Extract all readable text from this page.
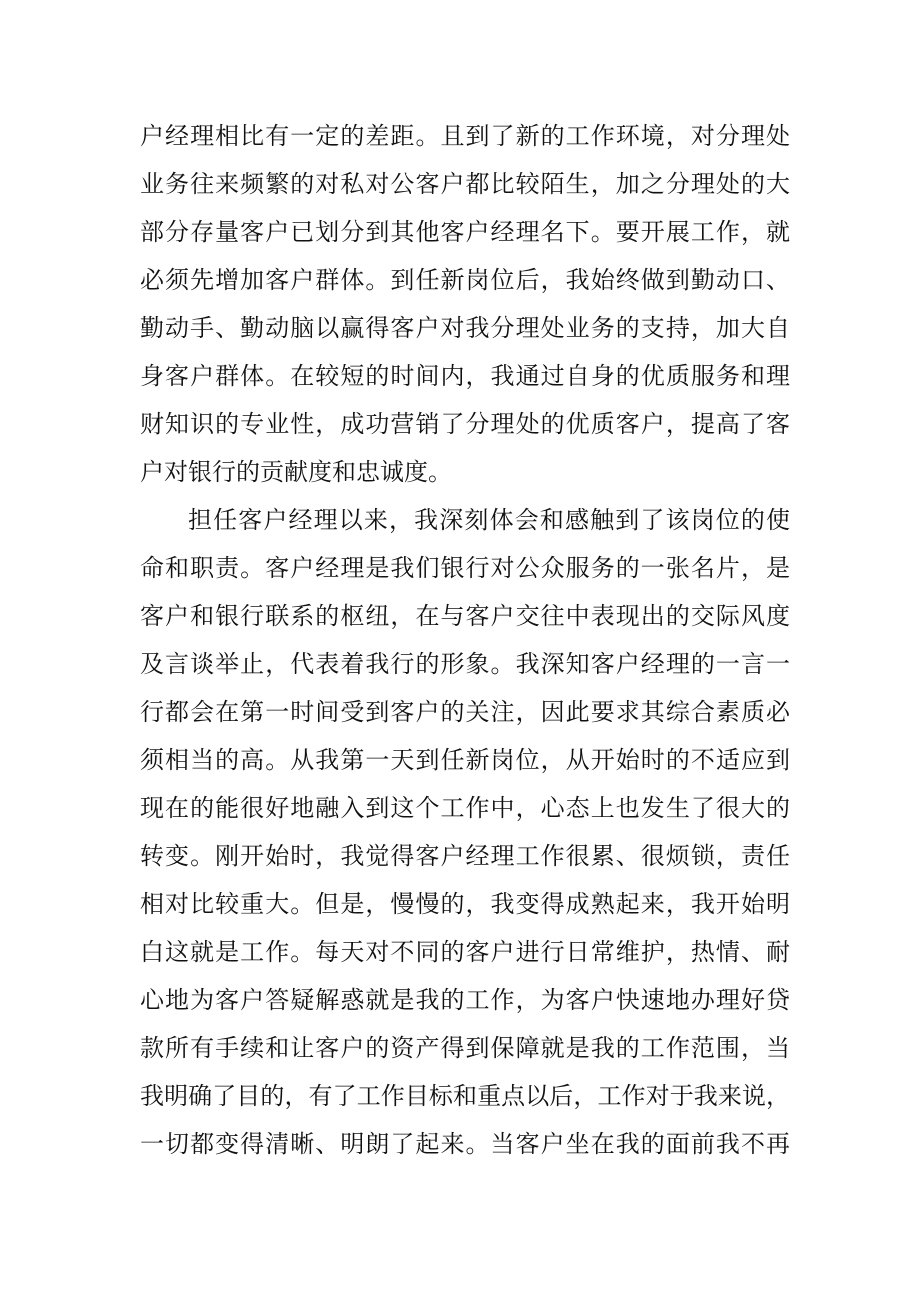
户经理相比有一定的差距。且到了新的工作环境，对分理处
业务往来频繁的对私对公客户都比较陌生，加之分理处的大
部分存量客户已划分到其他客户经理名下。要开展工作，就
必须先增加客户群体。到任新岗位后，我始终做到勤动口、
勤动手、勤动脑以赢得客户对我分理处业务的支持，加大自
身客户群体。在较短的时间内，我通过自身的优质服务和理
财知识的专业性，成功营销了分理处的优质客户，提高了客
户对银行的贡献度和忠诚度。
担任客户经理以来，我深刻体会和感触到了该岗位的使
命和职责。客户经理是我们银行对公众服务的一张名片，是
客户和银行联系的枢纽，在与客户交往中表现出的交际风度
及言谈举止，代表着我行的形象。我深知客户经理的一言一
行都会在第一时间受到客户的关注，因此要求其综合素质必
须相当的高。从我第一天到任新岗位，从开始时的不适应到
现在的能很好地融入到这个工作中，心态上也发生了很大的
转变。刚开始时，我觉得客户经理工作很累、很烦锁，责任
相对比较重大。但是，慢慢的，我变得成熟起来，我开始明
白这就是工作。每天对不同的客户进行日常维护，热情、耐
心地为客户答疑解惑就是我的工作，为客户快速地办理好贷
款所有手续和让客户的资产得到保障就是我的工作范围，当
我明确了目的，有了工作目标和重点以后，工作对于我来说，
一切都变得清晰、明朗了起来。当客户坐在我的面前我不再
